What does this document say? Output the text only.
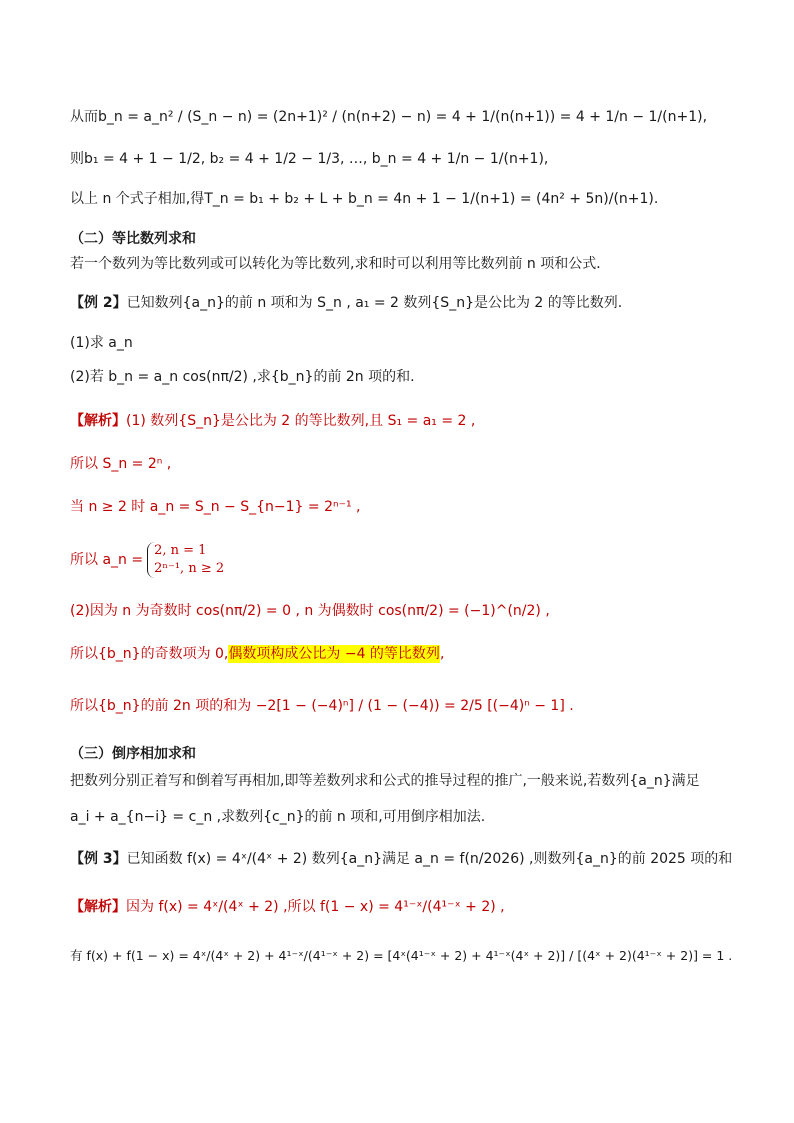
从而b_n = a_n² / (S_n − n) = (2n+1)² / (n(n+2) − n) = 4 + 1/(n(n+1)) = 4 + 1/n − 1/(n+1),
则b₁ = 4 + 1 − 1/2, b₂ = 4 + 1/2 − 1/3, …, b_n = 4 + 1/n − 1/(n+1),
以上 n 个式子相加,得T_n = b₁ + b₂ + L + b_n = 4n + 1 − 1/(n+1) = (4n² + 5n)/(n+1).
（二）等比数列求和
若一个数列为等比数列或可以转化为等比数列,求和时可以利用等比数列前 n 项和公式．
【例 2】 已知数列{a_n}的前 n 项和为 S_n , a₁ = 2 数列{S_n}是公比为 2 的等比数列.
(1)求 a_n
(2)若 b_n = a_n cos(nπ/2) ,求{b_n}的前 2n 项的和.
【解析】 (1) 数列{S_n}是公比为 2 的等比数列,且 S₁ = a₁ = 2 ,
所以 S_n = 2ⁿ ,
当 n ≥ 2 时 a_n = S_n − S_{n−1} = 2ⁿ⁻¹ ,
所以 a_n =
2, n = 1
2ⁿ⁻¹, n ≥ 2
(2)因为 n 为奇数时 cos(nπ/2) = 0 , n 为偶数时 cos(nπ/2) = (−1)^(n/2) ,
所以{b_n}的奇数项为 0, 偶数项构成公比为 −4 的等比数列 ,
所以{b_n}的前 2n 项的和为 −2[1 − (−4)ⁿ] / (1 − (−4)) = 2/5 [(−4)ⁿ − 1] .
（三）倒序相加求和
把数列分别正着写和倒着写再相加,即等差数列求和公式的推导过程的推广,一般来说,若数列{a_n}满足
a_i + a_{n−i} = c_n ,求数列{c_n}的前 n 项和,可用倒序相加法.
【例 3】 已知函数 f(x) = 4ˣ/(4ˣ + 2) 数列{a_n}满足 a_n = f(n/2026) ,则数列{a_n}的前 2025 项的和
【解析】 因为 f(x) = 4ˣ/(4ˣ + 2) ,所以 f(1 − x) = 4¹⁻ˣ/(4¹⁻ˣ + 2) ,
有 f(x) + f(1 − x) = 4ˣ/(4ˣ + 2) + 4¹⁻ˣ/(4¹⁻ˣ + 2) = [4ˣ(4¹⁻ˣ + 2) + 4¹⁻ˣ(4ˣ + 2)] / [(4ˣ + 2)(4¹⁻ˣ + 2)] = 1 .
